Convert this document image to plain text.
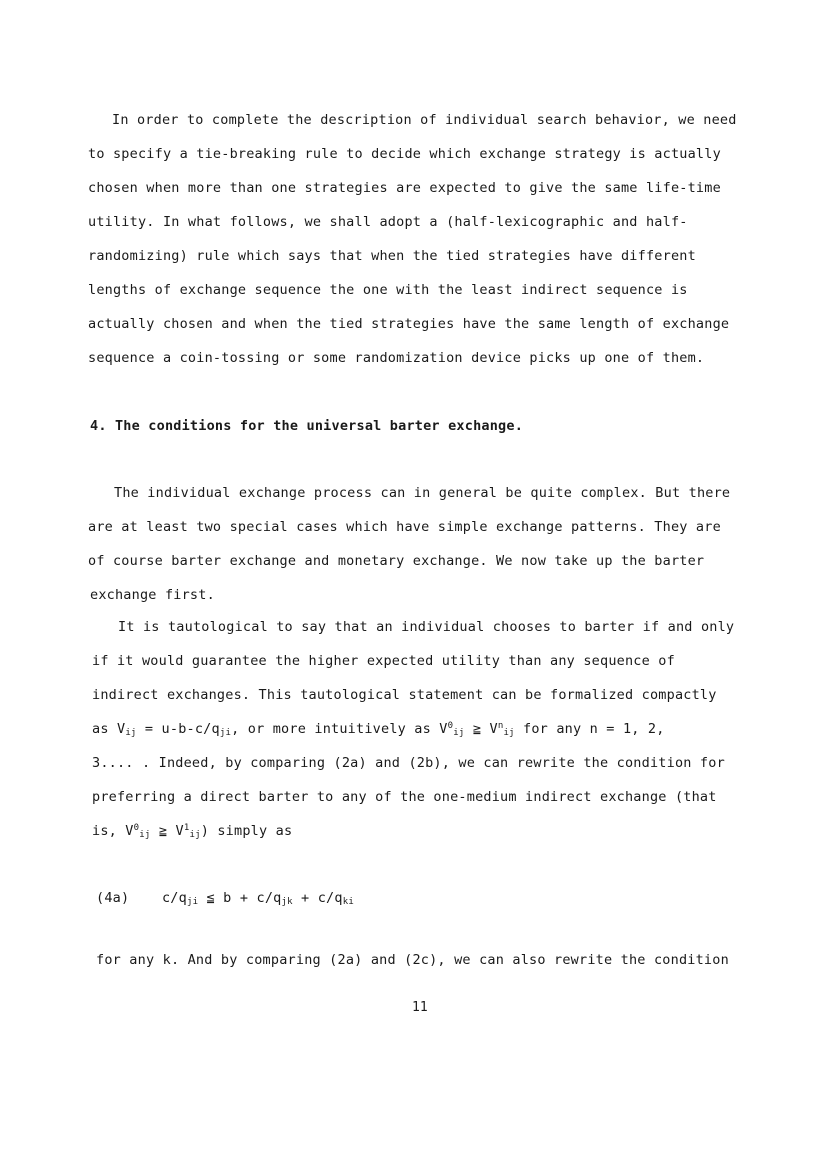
In order to complete the description of individual search behavior, we need
to specify a tie-breaking rule to decide which exchange strategy is actually
chosen when more than one strategies are expected to give the same life-time
utility. In what follows, we shall adopt a (half-lexicographic and half-
randomizing) rule which says that when the tied strategies have different
lengths of exchange sequence the one with the least indirect sequence is
actually chosen and when the tied strategies have the same length of exchange
sequence a coin-tossing or some randomization device picks up one of them.
4. The conditions for the universal barter exchange.
The individual exchange process can in general be quite complex. But there
are at least two special cases which have simple exchange patterns. They are
of course barter exchange and monetary exchange. We now take up the barter
exchange first.
It is tautological to say that an individual chooses to barter if and only
if it would guarantee the higher expected utility than any sequence of
indirect exchanges. This tautological statement can be formalized compactly
as $V_{ij} = u-b-c/q_{ji}$, or more intuitively as $V^0_{ij}$ ≧ $V^n_{ij}$ for any n = 1, 2,
3.... . Indeed, by comparing (2a) and (2b), we can rewrite the condition for
preferring a direct barter to any of the one-medium indirect exchange (that
is, $V^0_{ij}$ ≧ $V^1_{ij}$) simply as
(4a) $c/q_{ji}$ ≦ $b + c/q_{jk} + c/q_{ki}$
for any k. And by comparing (2a) and (2c), we can also rewrite the condition
11
